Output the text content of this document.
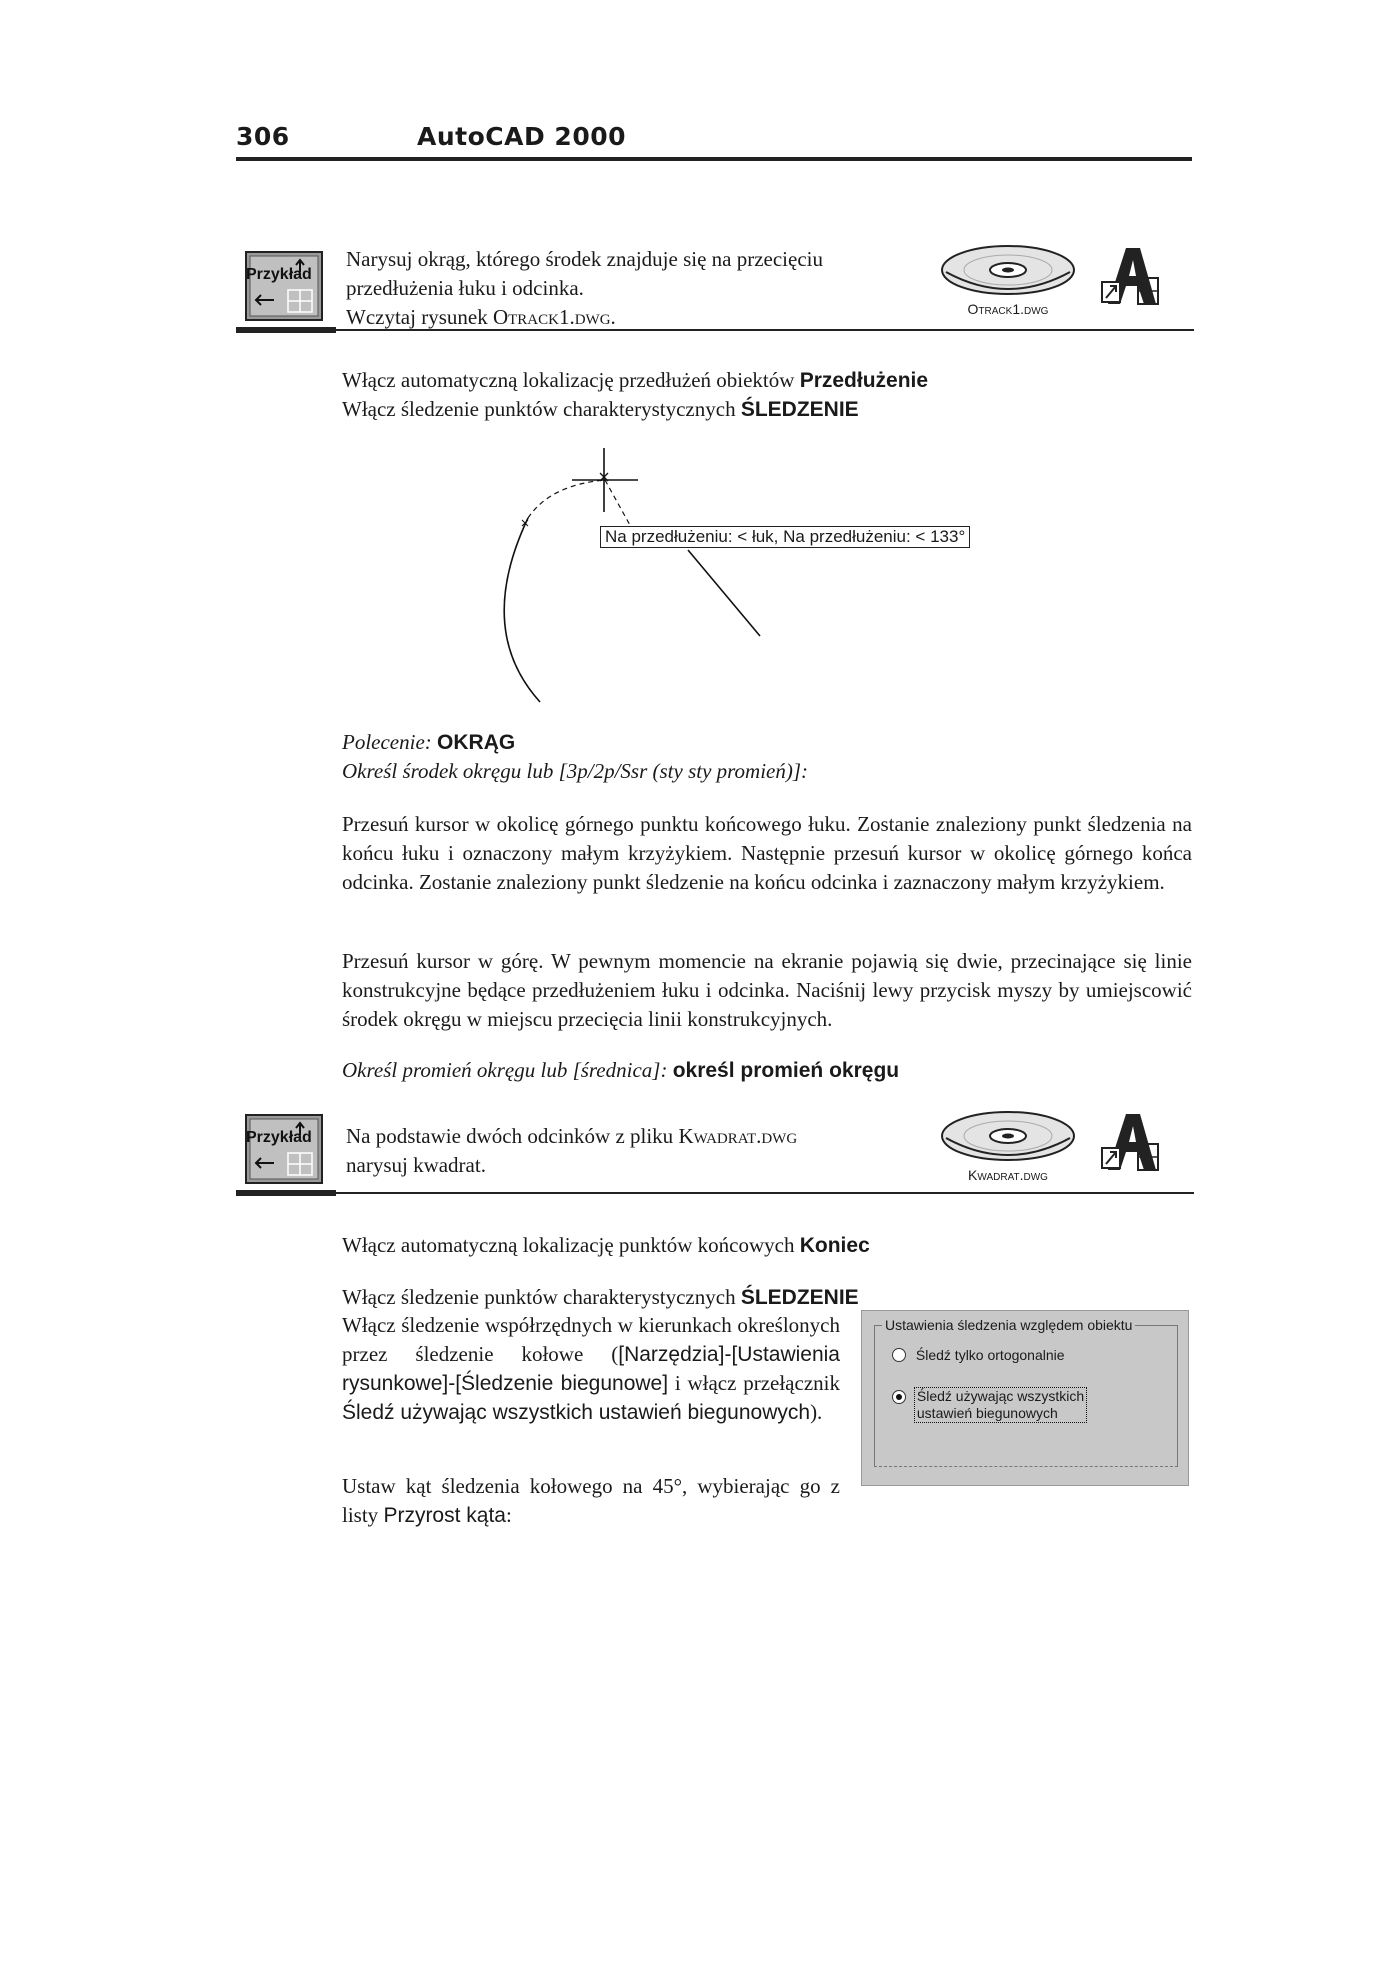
306	AutoCAD 2000
Przykład
Narysuj okrąg, którego środek znajduje się na przecięciu
przedłużenia łuku i odcinka.
Wczytaj rysunek Otrack1.dwg.	Otrack1.dwg
Włącz automatyczną lokalizację przedłużeń obiektów Przedłużenie
Włącz śledzenie punktów charakterystycznych ŚLEDZENIE
Na przedłużeniu: < łuk, Na przedłużeniu: < 133°
Polecenie: OKRĄG
Określ środek okręgu lub [3p/2p/Ssr (sty sty promień)]:
Przesuń kursor w okolicę górnego punktu końcowego łuku. Zostanie znaleziony punkt śledzenia na końcu łuku i oznaczony małym krzyżykiem. Następnie przesuń kursor w okolicę górnego końca odcinka. Zostanie znaleziony punkt śledzenie na końcu odcinka i zaznaczony małym krzyżykiem.
Przesuń kursor w górę. W pewnym momencie na ekranie pojawią się dwie, przecinające się linie konstrukcyjne będące przedłużeniem łuku i odcinka. Naciśnij lewy przycisk myszy by umiejscowić środek okręgu w miejscu przecięcia linii konstrukcyjnych.
Określ promień okręgu lub [średnica]: określ promień okręgu
Przykład Na podstawie dwóch odcinków z pliku Kwadrat.dwg
narysuj kwadrat.	Kwadrat.dwg
Włącz automatyczną lokalizację punktów końcowych Koniec
Włącz śledzenie punktów charakterystycznych ŚLEDZENIE
Włącz śledzenie współrzędnych w kierunkach określonych przez śledzenie kołowe ([Narzędzia]-[Ustawienia rysunkowe]-[Śledzenie biegunowe] i włącz przełącznik Śledź używając wszystkich ustawień biegunowych).
Ustaw kąt śledzenia kołowego na 45°, wybierając go z listy Przyrost kąta:
Ustawienia śledzenia względem obiektu
Śledź tylko ortogonalnie

Śledź używając wszystkich
ustawień biegunowych
